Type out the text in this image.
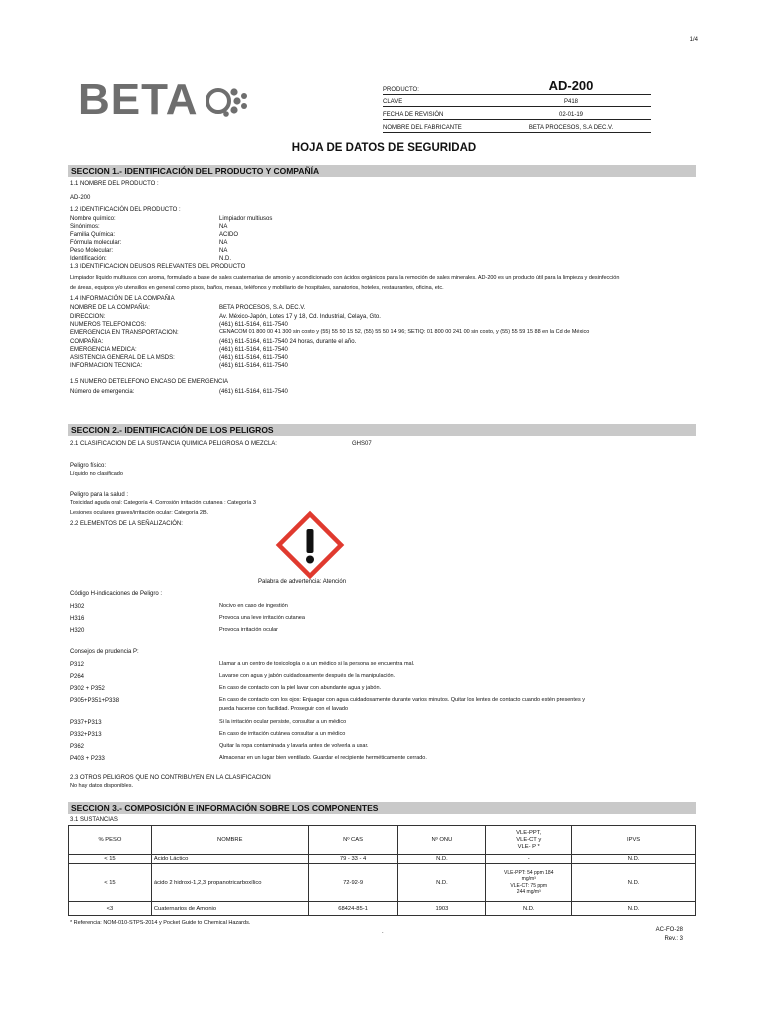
1/4
BETA	PRODUCTO:	AD-200
CLAVE	P418
FECHA DE REVISIÓN	02-01-19
NOMBRE DEL FABRICANTE	BETA PROCESOS, S.A DEC.V.
HOJA DE DATOS DE SEGURIDAD
SECCION 1.- IDENTIFICACIÓN DEL PRODUCTO Y COMPAÑÍA
1.1 NOMBRE DEL PRODUCTO :
AD-200
1.2 IDENTIFICACIÓN DEL PRODUCTO :
Nombre químico:	Limpiador multiusos
Sinónimos:	NA
Familia Química:	ACIDO
Fórmula molecular:	NA
Peso Molecular:	NA
Identificación:	N.D.
1.3 IDENTIFICACION DEUSOS RELEVANTES DEL PRODUCTO
Limpiador líquido multiusos con aroma, formulado a base de sales cuaternarias de amonio y acondicionado con ácidos orgánicos para la remoción de sales minerales. AD-200 es un producto útil para la limpieza y desinfección
de áreas, equipos y/o utensilios en general como pisos, baños, mesas, teléfonos y mobiliario de hospitales, sanatorios, hoteles, restaurantes, oficina, etc.
1.4 INFORMACIÓN DE LA COMPAÑIA
NOMBRE DE LA COMPAÑIA:	BETA PROCESOS, S.A. DEC.V.
DIRECCION:	Av. México-Japón, Lotes 17 y 18, Cd. Industrial, Celaya, Gto.
NUMEROS TELEFONICOS:	(461) 611-5164, 611-7540
EMERGENCIA EN TRANSPORTACION:	CENACOM 01 800 00 41 300 sin costo y (55) 55 50 15 52, (55) 55 50 14 96; SETIQ: 01 800 00 241 00 sin costo, y (55) 55 59 15 88 en la Cd de México
COMPAÑIA:	(461) 611-5164, 611-7540 24 horas, durante el año.
EMERGENCIA MEDICA:	(461) 611-5164, 611-7540
ASISTENCIA GENERAL DE LA MSDS:	(461) 611-5164, 611-7540
INFORMACION TECNICA:	(461) 611-5164, 611-7540
1.5 NUMERO DETELEFONO ENCASO DE EMERGENCIA
Número de emergencia:	(461) 611-5164, 611-7540
SECCION 2.- IDENTIFICACIÓN DE LOS PELIGROS
2.1 CLASIFICACION DE LA SUSTANCIA QUIMICA PELIGROSA O MEZCLA:	GHS07
Peligro físico:
Líquido no clasificado
Peligro para la salud :
Toxicidad aguda oral: Categoría 4. Corrosión irritación cutanea : Categoría 3
Lesiones oculares graves/irritación ocular: Categoría 2B.
2.2 ELEMENTOS DE LA SEÑALIZACIÓN:
Palabra de advertencia: Atención
Código H-indicaciones de Peligro :
H302	Nocivo en caso de ingestión
H316	Provoca una leve irritación cutanea
H320	Provoca irritación ocular
Consejos de prudencia P:
P312	Llamar a un centro de toxicología o a un médico si la persona se encuentra mal.
P264	Lavarse con agua y jabón cuidadosamente después de la manipulación.
P302 + P352	En caso de contacto con la piel lavar con abundante agua y jabón.
P305+P351+P338	En caso de contacto con los ojos: Enjuagar con agua cuidadosamente durante varios minutos. Quitar los lentes de contacto cuando estén presentes y
pueda hacerse con facilidad. Proseguir con el lavado
P337+P313	Si la irritación ocular persiste, consultar a un médico
P332+P313	En caso de irritación cutánea consultar a un médico
P362	Quitar la ropa contaminada y lavarla antes de volverla a usar.
P403 + P233	Almacenar en un lugar bien ventilado. Guardar el recipiente herméticamente cerrado.
2.3 OTROS PELIGROS QUE NO CONTRIBUYEN EN LA CLASIFICACION
No hay datos disponibles.
SECCION 3.- COMPOSICIÓN E INFORMACIÓN SOBRE LOS COMPONENTES
3.1 SUSTANCIAS
% PESO	NOMBRE	Nº CAS	Nº ONU	VLE-PPT,
VLE-CT y
VLE- P *	IPVS
< 15	Acido Láctico	79 - 33 - 4	N.D.	-	N.D.
< 15	ácido 2 hidroxi-1,2,3 propanotricarboxílico	72-92-9	N.D.	VLE-PPT: 54 ppm 184
mg/m³
VLE-CT: 75 ppm
244 mg/m³	N.D.
<3	Cuaternarios de Amonio	68424-85-1	1903	N.D.	N.D.
* Referencia: NOM-010-STPS-2014 y Pocket Guide to Chemical Hazards.
.	AC-FO-28
Rev.: 3
